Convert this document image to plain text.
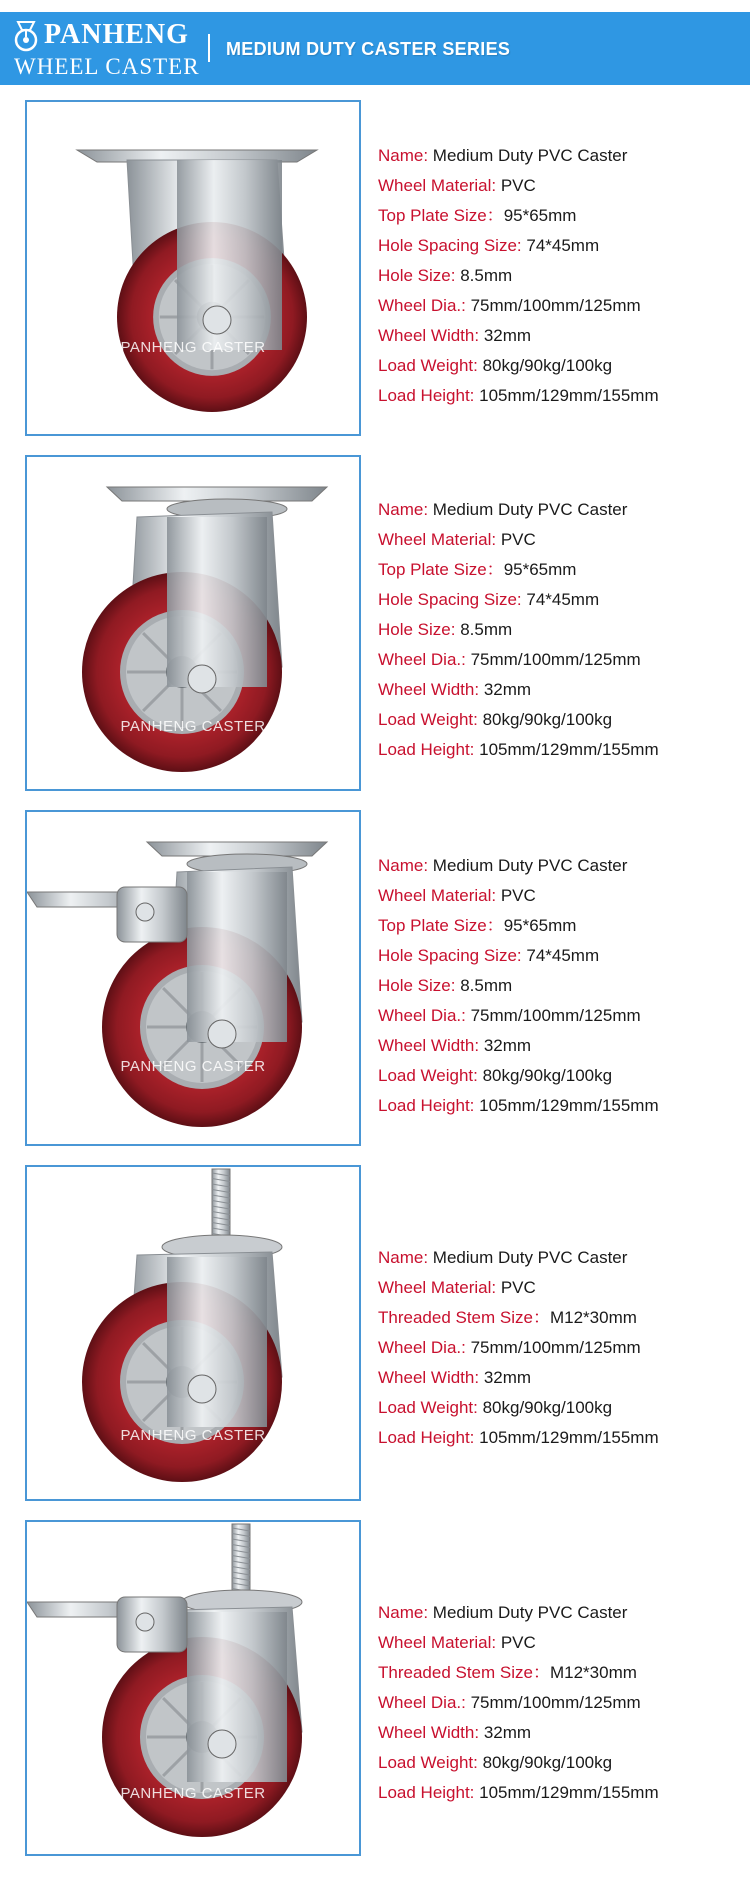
PANHENG
WHEEL CASTER
MEDIUM DUTY CASTER SERIES
PANHENG CASTER
Name: Medium Duty PVC Caster
Wheel Material: PVC
Top Plate Size：95*65mm
Hole Spacing Size: 74*45mm
Hole Size: 8.5mm
Wheel Dia.: 75mm/100mm/125mm
Wheel Width: 32mm
Load Weight: 80kg/90kg/100kg
Load Height: 105mm/129mm/155mm
PANHENG CASTER
Name: Medium Duty PVC Caster
Wheel Material: PVC
Top Plate Size：95*65mm
Hole Spacing Size: 74*45mm
Hole Size: 8.5mm
Wheel Dia.: 75mm/100mm/125mm
Wheel Width: 32mm
Load Weight: 80kg/90kg/100kg
Load Height: 105mm/129mm/155mm
PANHENG CASTER
Name: Medium Duty PVC Caster
Wheel Material: PVC
Top Plate Size：95*65mm
Hole Spacing Size: 74*45mm
Hole Size: 8.5mm
Wheel Dia.: 75mm/100mm/125mm
Wheel Width: 32mm
Load Weight: 80kg/90kg/100kg
Load Height: 105mm/129mm/155mm
PANHENG CASTER
Name: Medium Duty PVC Caster
Wheel Material: PVC
Threaded Stem Size：M12*30mm
Wheel Dia.: 75mm/100mm/125mm
Wheel Width: 32mm
Load Weight: 80kg/90kg/100kg
Load Height: 105mm/129mm/155mm
PANHENG CASTER
Name: Medium Duty PVC Caster
Wheel Material: PVC
Threaded Stem Size：M12*30mm
Wheel Dia.: 75mm/100mm/125mm
Wheel Width: 32mm
Load Weight: 80kg/90kg/100kg
Load Height: 105mm/129mm/155mm
